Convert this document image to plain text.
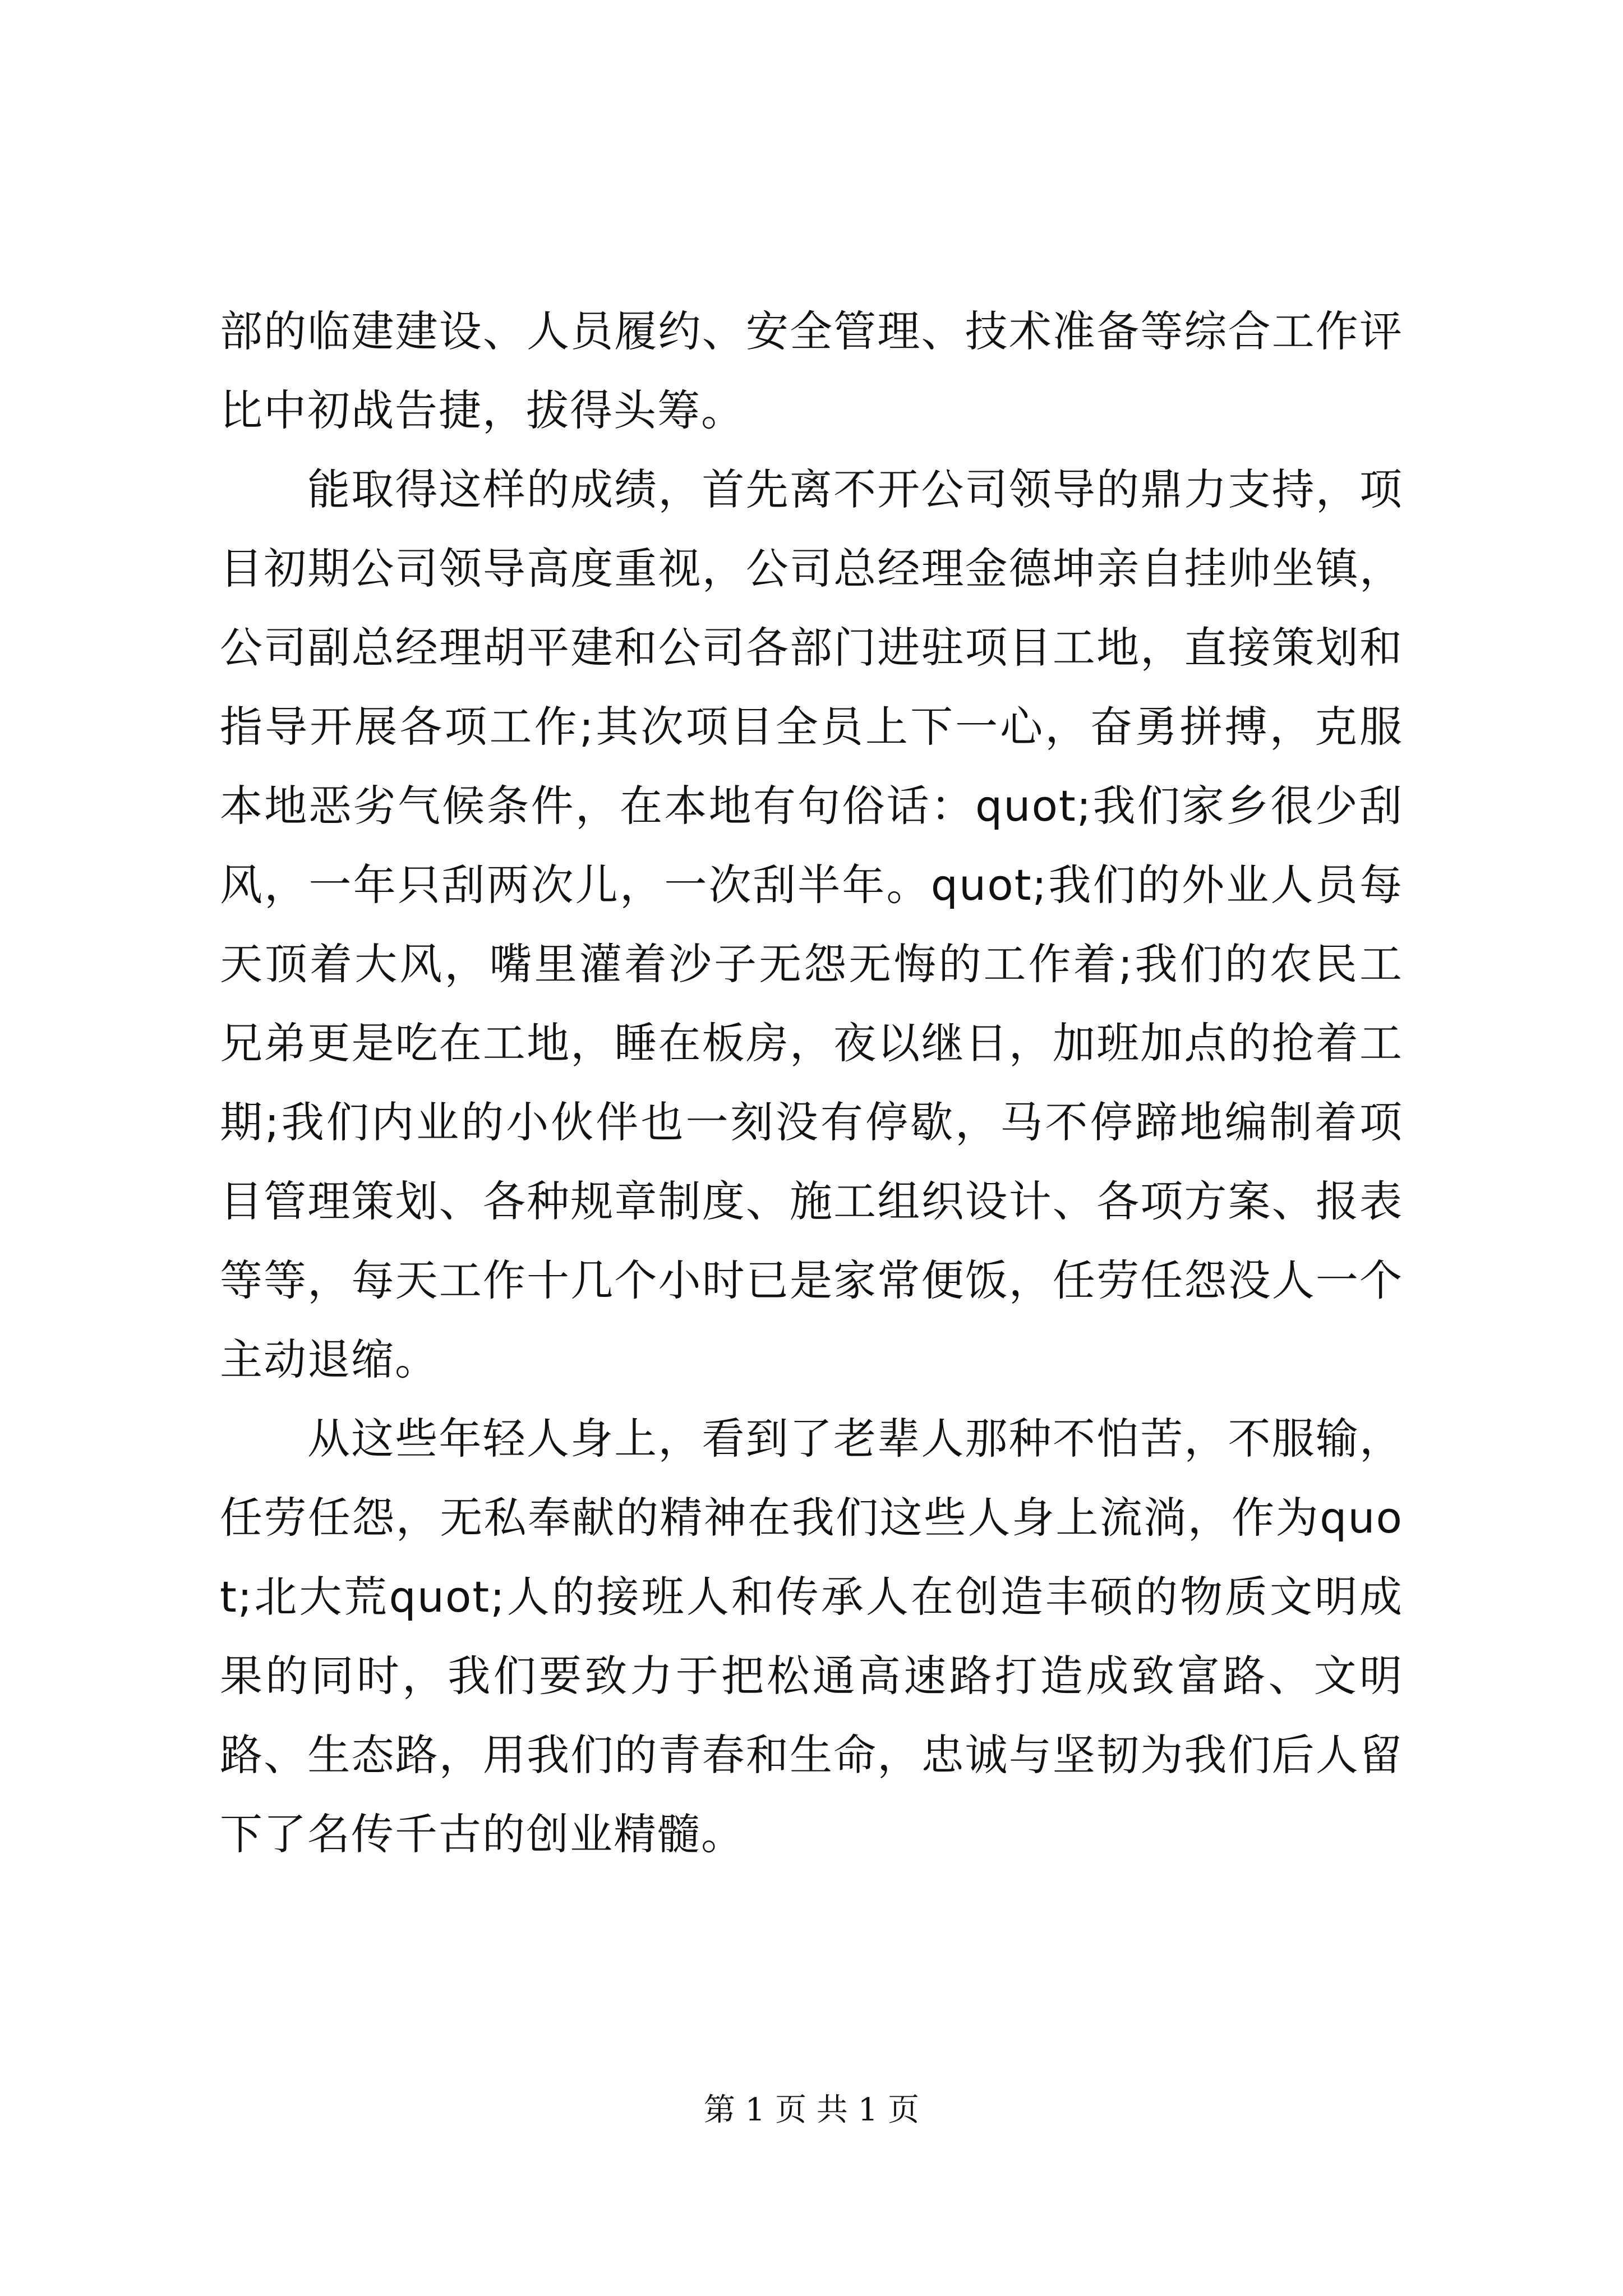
部的临建建设、人员履约、安全管理、技术准备等综合工作评比中初战告捷，拔得头筹。

能取得这样的成绩，首先离不开公司领导的鼎力支持，项目初期公司领导高度重视，公司总经理金德坤亲自挂帅坐镇，公司副总经理胡平建和公司各部门进驻项目工地，直接策划和指导开展各项工作;其次项目全员上下一心，奋勇拼搏，克服本地恶劣气候条件，在本地有句俗话：quot;我们家乡很少刮风，一年只刮两次儿，一次刮半年。quot;我们的外业人员每天顶着大风，嘴里灌着沙子无怨无悔的工作着;我们的农民工兄弟更是吃在工地，睡在板房，夜以继日，加班加点的抢着工期;我们内业的小伙伴也一刻没有停歇，马不停蹄地编制着项目管理策划、各种规章制度、施工组织设计、各项方案、报表等等，每天工作十几个小时已是家常便饭，任劳任怨没人一个主动退缩。

从这些年轻人身上，看到了老辈人那种不怕苦，不服输，任劳任怨，无私奉献的精神在我们这些人身上流淌，作为quot;北大荒quot;人的接班人和传承人在创造丰硕的物质文明成果的同时，我们要致力于把松通高速路打造成致富路、文明路、生态路，用我们的青春和生命，忠诚与坚韧为我们后人留下了名传千古的创业精髓。

第 1 页 共 1 页
